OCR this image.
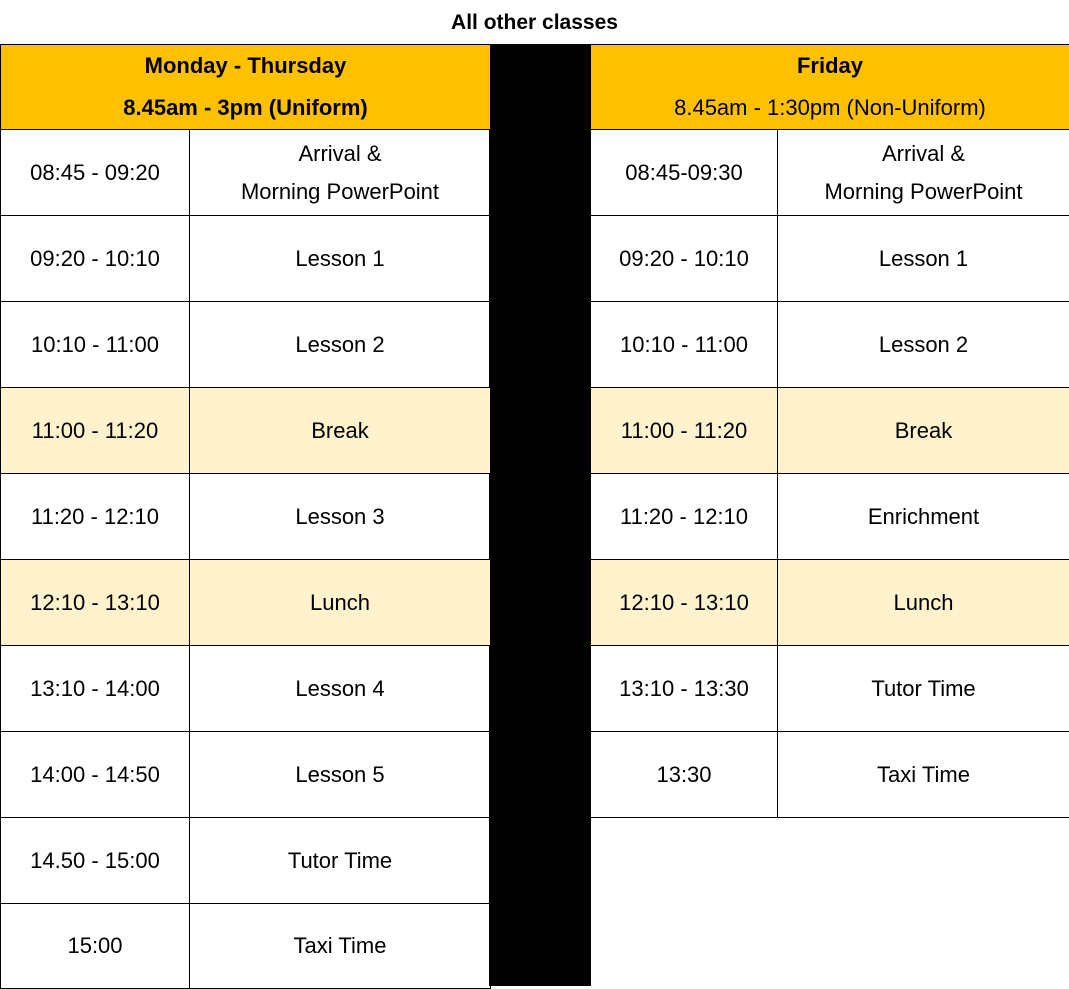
All other classes
Monday - Thursday
8.45am - 3pm (Uniform)	

08:45 - 09:20	Arrival &
Morning PowerPoint

09:20 - 10:10	Lesson 1
10:10 - 11:00	Lesson 2
11:00 - 11:20	Break
11:20 - 12:10	Lesson 3
12:10 - 13:10	Lunch
13:10 - 14:00	Lesson 4
14:00 - 14:50	Lesson 5
14.50 - 15:00	Tutor Time
15:00	Taxi Time
Friday
8.45am - 1:30pm (Non-Uniform)	

08:45-09:30	Arrival &
Morning PowerPoint

09:20 - 10:10	Lesson 1
10:10 - 11:00	Lesson 2
11:00 - 11:20	Break
11:20 - 12:10	Enrichment
12:10 - 13:10	Lunch
13:10 - 13:30	Tutor Time
13:30	Taxi Time
